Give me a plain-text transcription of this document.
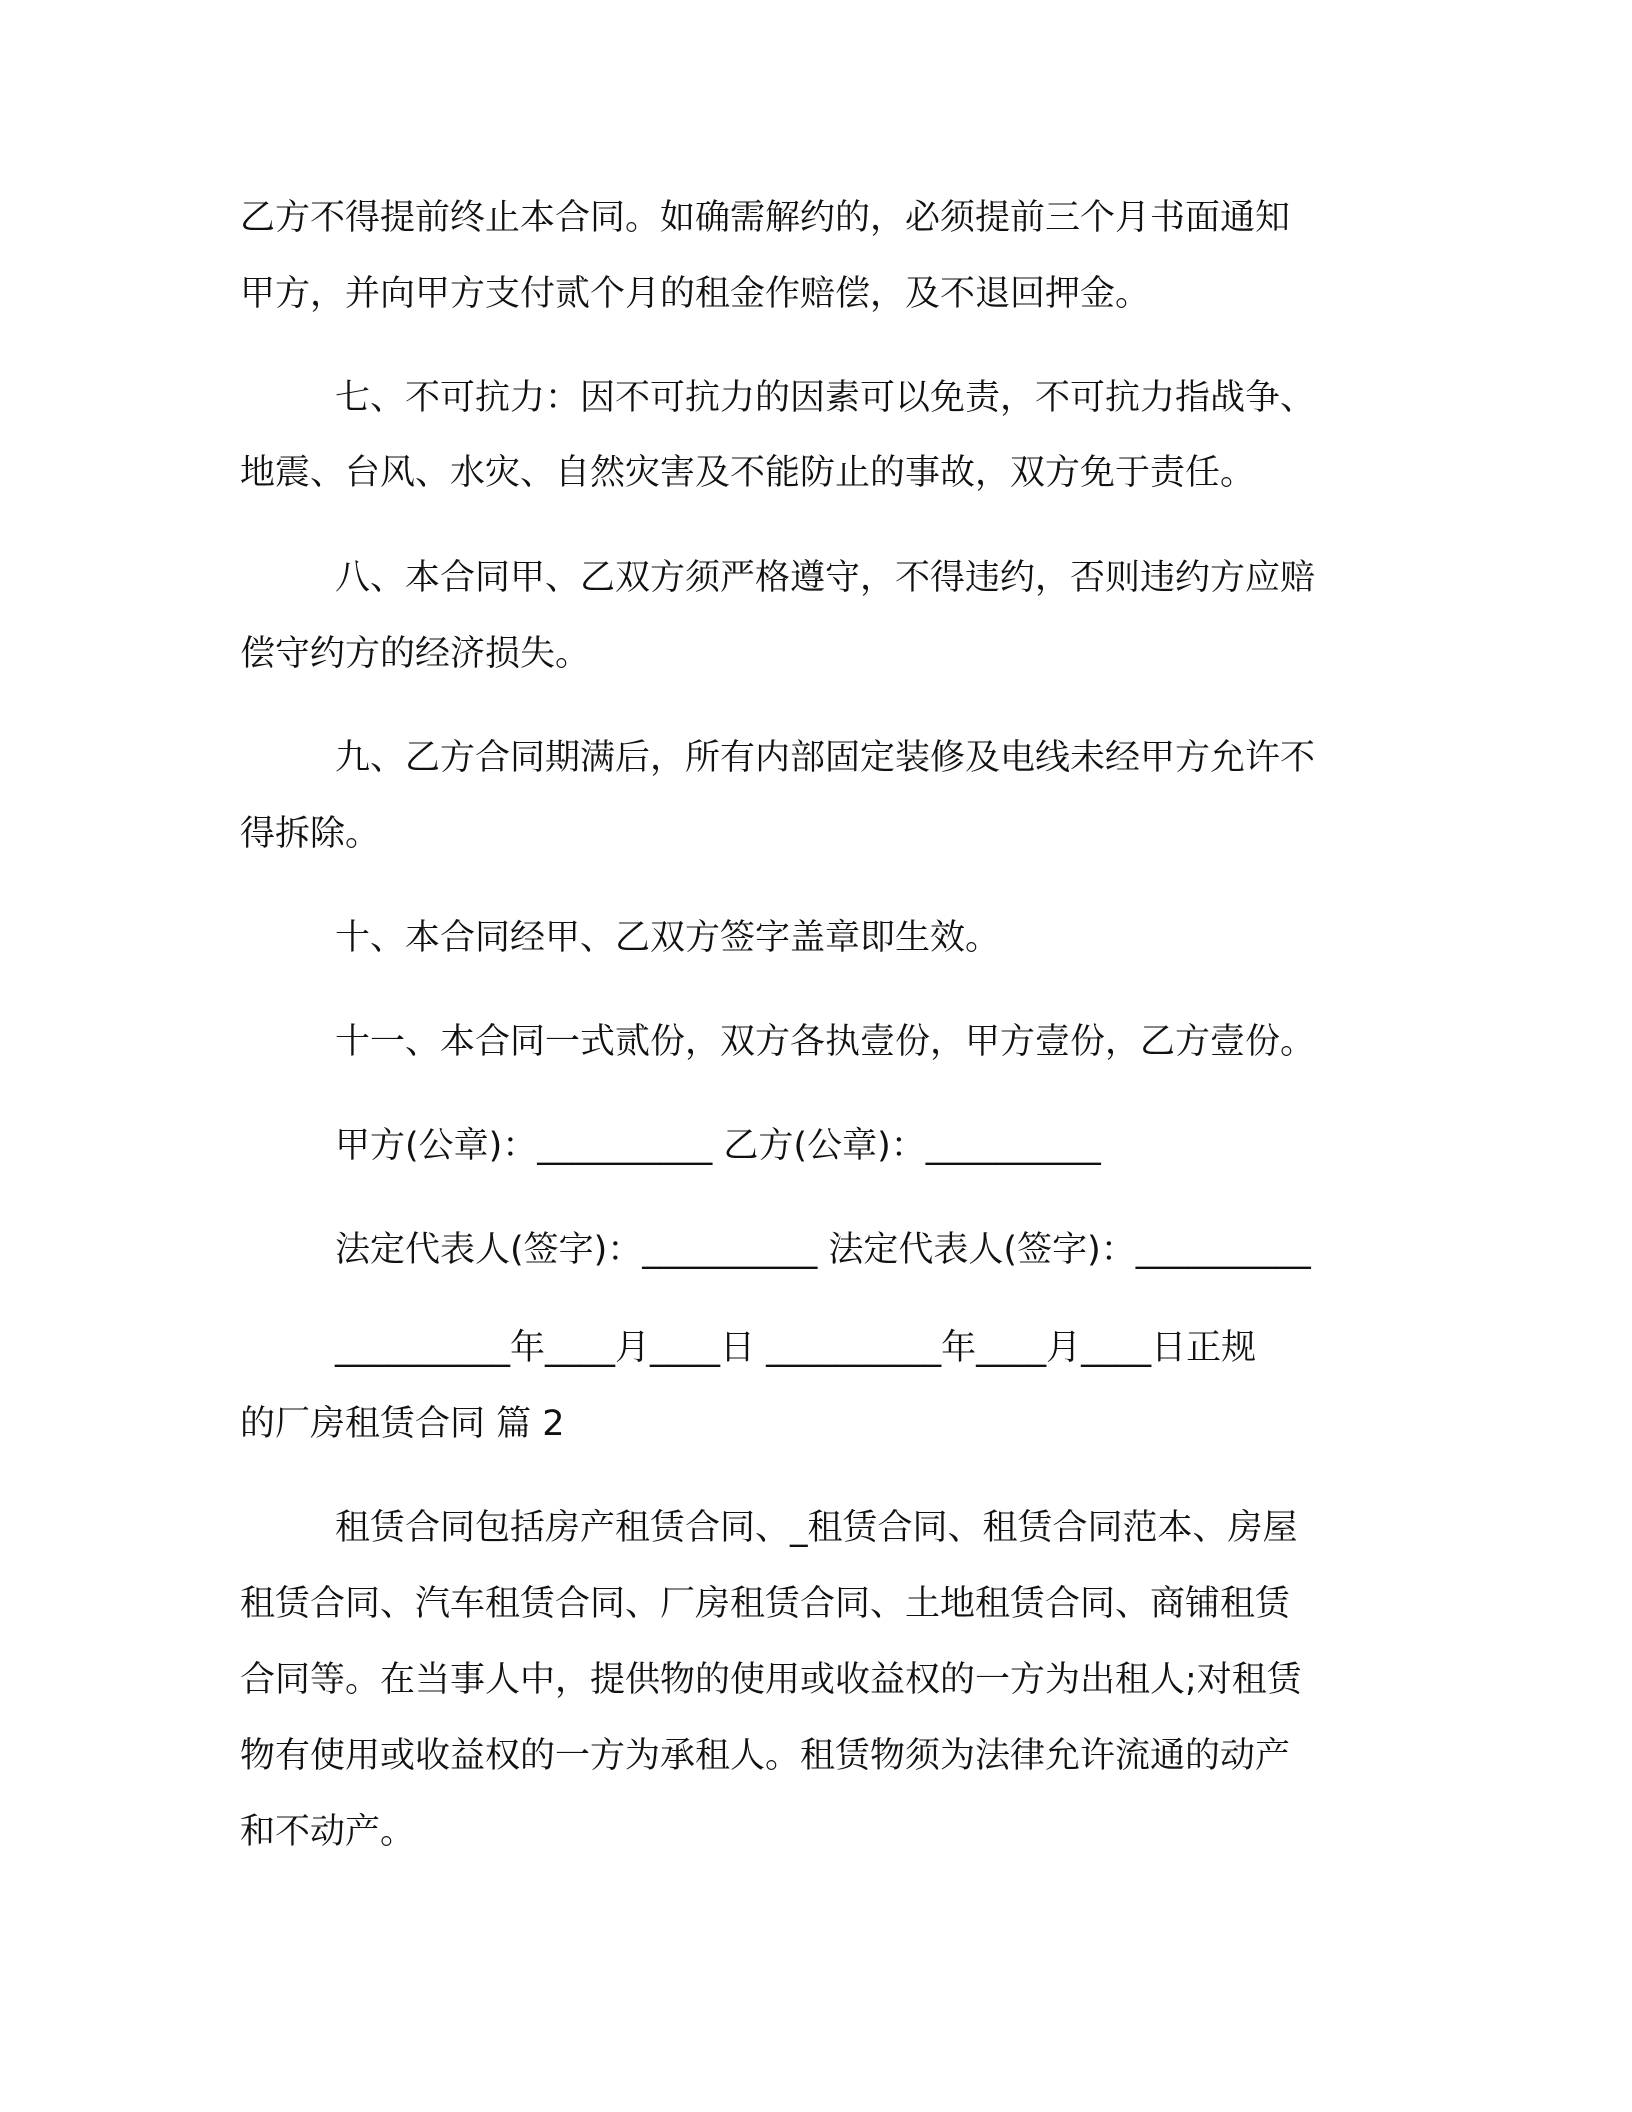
乙方不得提前终止本合同。如确需解约的，必须提前三个月书面通知
甲方，并向甲方支付贰个月的租金作赔偿，及不退回押金。
七、不可抗力：因不可抗力的因素可以免责，不可抗力指战争、
地震、台风、水灾、自然灾害及不能防止的事故，双方免于责任。
八、本合同甲、乙双方须严格遵守，不得违约，否则违约方应赔
偿守约方的经济损失。
九、乙方合同期满后，所有内部固定装修及电线未经甲方允许不
得拆除。
十、本合同经甲、乙双方签字盖章即生效。
十一、本合同一式贰份，双方各执壹份，甲方壹份，乙方壹份。
甲方(公章)：__________ 乙方(公章)：__________
法定代表人(签字)：__________ 法定代表人(签字)：__________
__________年____月____日 __________年____月____日正规
的厂房租赁合同 篇 2
租赁合同包括房产租赁合同、_租赁合同、租赁合同范本、房屋
租赁合同、汽车租赁合同、厂房租赁合同、土地租赁合同、商铺租赁
合同等。在当事人中，提供物的使用或收益权的一方为出租人;对租赁
物有使用或收益权的一方为承租人。租赁物须为法律允许流通的动产
和不动产。
